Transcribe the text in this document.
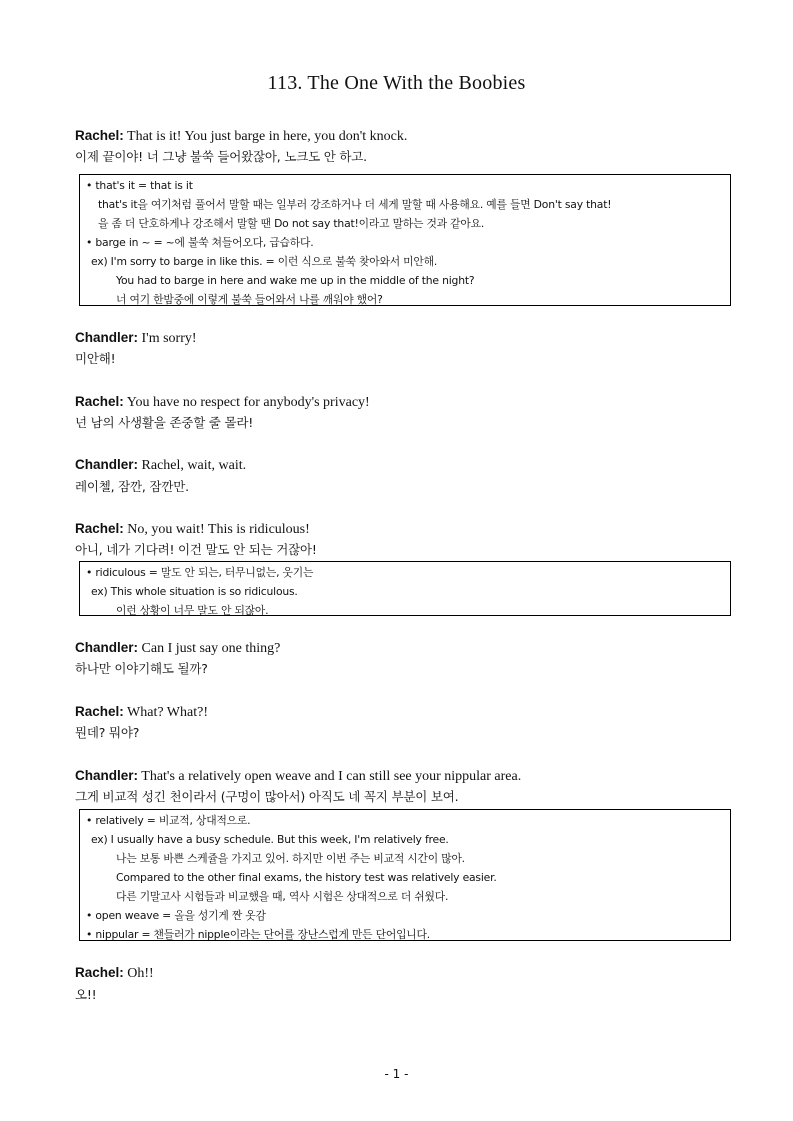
113. The One With the Boobies
Rachel: That is it! You just barge in here, you don't knock.
이제 끝이야! 너 그냥 불쑥 들어왔잖아, 노크도 안 하고.
• that's it = that is it
that's it을 여기처럼 풀어서 말할 때는 일부러 강조하거나 더 세게 말할 때 사용해요. 예를 들면 Don't say that!
을 좀 더 단호하게나 강조해서 말할 땐 Do not say that!이라고 말하는 것과 같아요.
• barge in ~ = ~에 불쑥 쳐들어오다, 급습하다.
ex) I'm sorry to barge in like this. = 이런 식으로 불쑥 찾아와서 미안해.
You had to barge in here and wake me up in the middle of the night?
너 여기 한밤중에 이렇게 불쑥 들어와서 나를 깨워야 했어?
Chandler: I'm sorry!
미안해!
Rachel: You have no respect for anybody's privacy!
넌 남의 사생활을 존중할 줄 몰라!
Chandler: Rachel, wait, wait.
레이첼, 잠깐, 잠깐만.
Rachel: No, you wait! This is ridiculous!
아니, 네가 기다려! 이건 말도 안 되는 거잖아!
• ridiculous = 말도 안 되는, 터무니없는, 웃기는
ex) This whole situation is so ridiculous.
이런 상황이 너무 말도 안 되잖아.
Chandler: Can I just say one thing?
하나만 이야기해도 될까?
Rachel: What? What?!
뭔데? 뭐야?
Chandler: That's a relatively open weave and I can still see your nippular area.
그게 비교적 성긴 천이라서 (구멍이 많아서) 아직도 네 꼭지 부분이 보여.
• relatively = 비교적, 상대적으로.
ex) I usually have a busy schedule. But this week, I'm relatively free.
나는 보통 바쁜 스케쥴을 가지고 있어. 하지만 이번 주는 비교적 시간이 많아.
Compared to the other final exams, the history test was relatively easier.
다른 기말고사 시험들과 비교했을 때, 역사 시험은 상대적으로 더 쉬웠다.
• open weave = 올을 성기게 짠 옷감
• nippular = 챈들러가 nipple이라는 단어를 장난스럽게 만든 단어입니다.
Rachel: Oh!!
오!!
- 1 -
